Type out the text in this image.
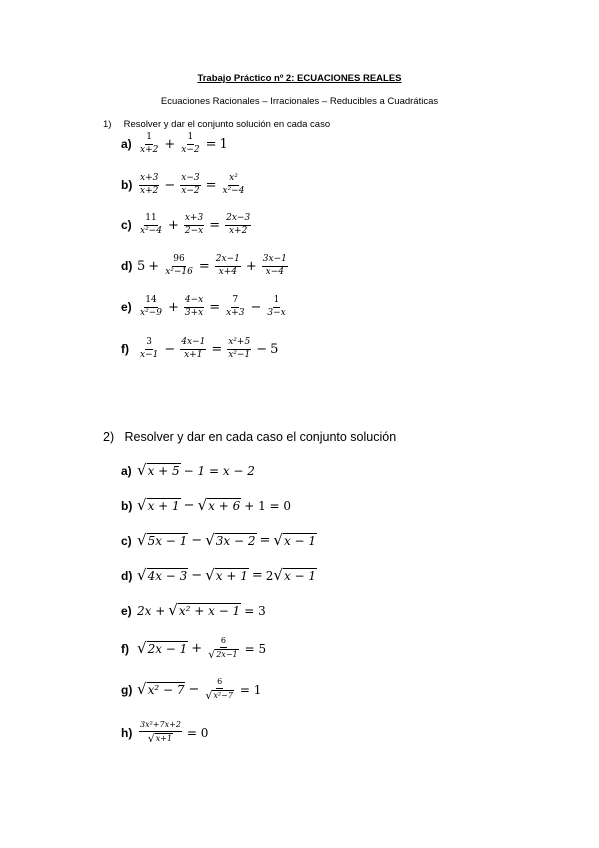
Trabajo Práctico nº 2: ECUACIONES REALES
Ecuaciones Racionales – Irracionales – Reducibles a Cuadráticas
1) Resolver y dar el conjunto solución en cada caso
$a) \frac{1}{x+2} + \frac{1}{x-2} = 1$
$b) \frac{x+3}{x+2} - \frac{x-3}{x-2} = \frac{\text{x²}}{\text{x²−4}}$
$c) \frac{11}{\text{x²−4}} + \frac{x+3}{2-x} = \frac{2x-3}{x+2}$
d) $5 + \frac{96}{\text{x²−16}} = \frac{2x-1}{x+4} + \frac{3x-1}{x-4}$
$e) \frac{14}{\text{x²−9}} + \frac{4-x}{3+x} = \frac{7}{x+3} - \frac{1}{3-x}$
f)	$\frac{3}{x-1} - \frac{4x-1}{x+1} = \frac{\text{x²+5}}{\text{x²−1}} - 5$
2) Resolver y dar en cada caso el conjunto solución
a) √ x + 5 − 1 = x − 2
b) √ x + 1 − √ x + 6 + 1 = 0
c) √ 5x − 1 − √ 3x − 2 = √ x − 1
d) √ 4x − 3 − √ x + 1 = 2 √ x − 1
e) 2x + √ x² + x − 1 = 3
f) √ $2x - 1 + \frac{6}{√ 2x-1} = 5$
g) √ $x^2 - 7 - \frac{6}{\text{√ x²−7}} = 1$
$h) \frac{\text{3x²+7x+2}}{√ x+1} = 0$
